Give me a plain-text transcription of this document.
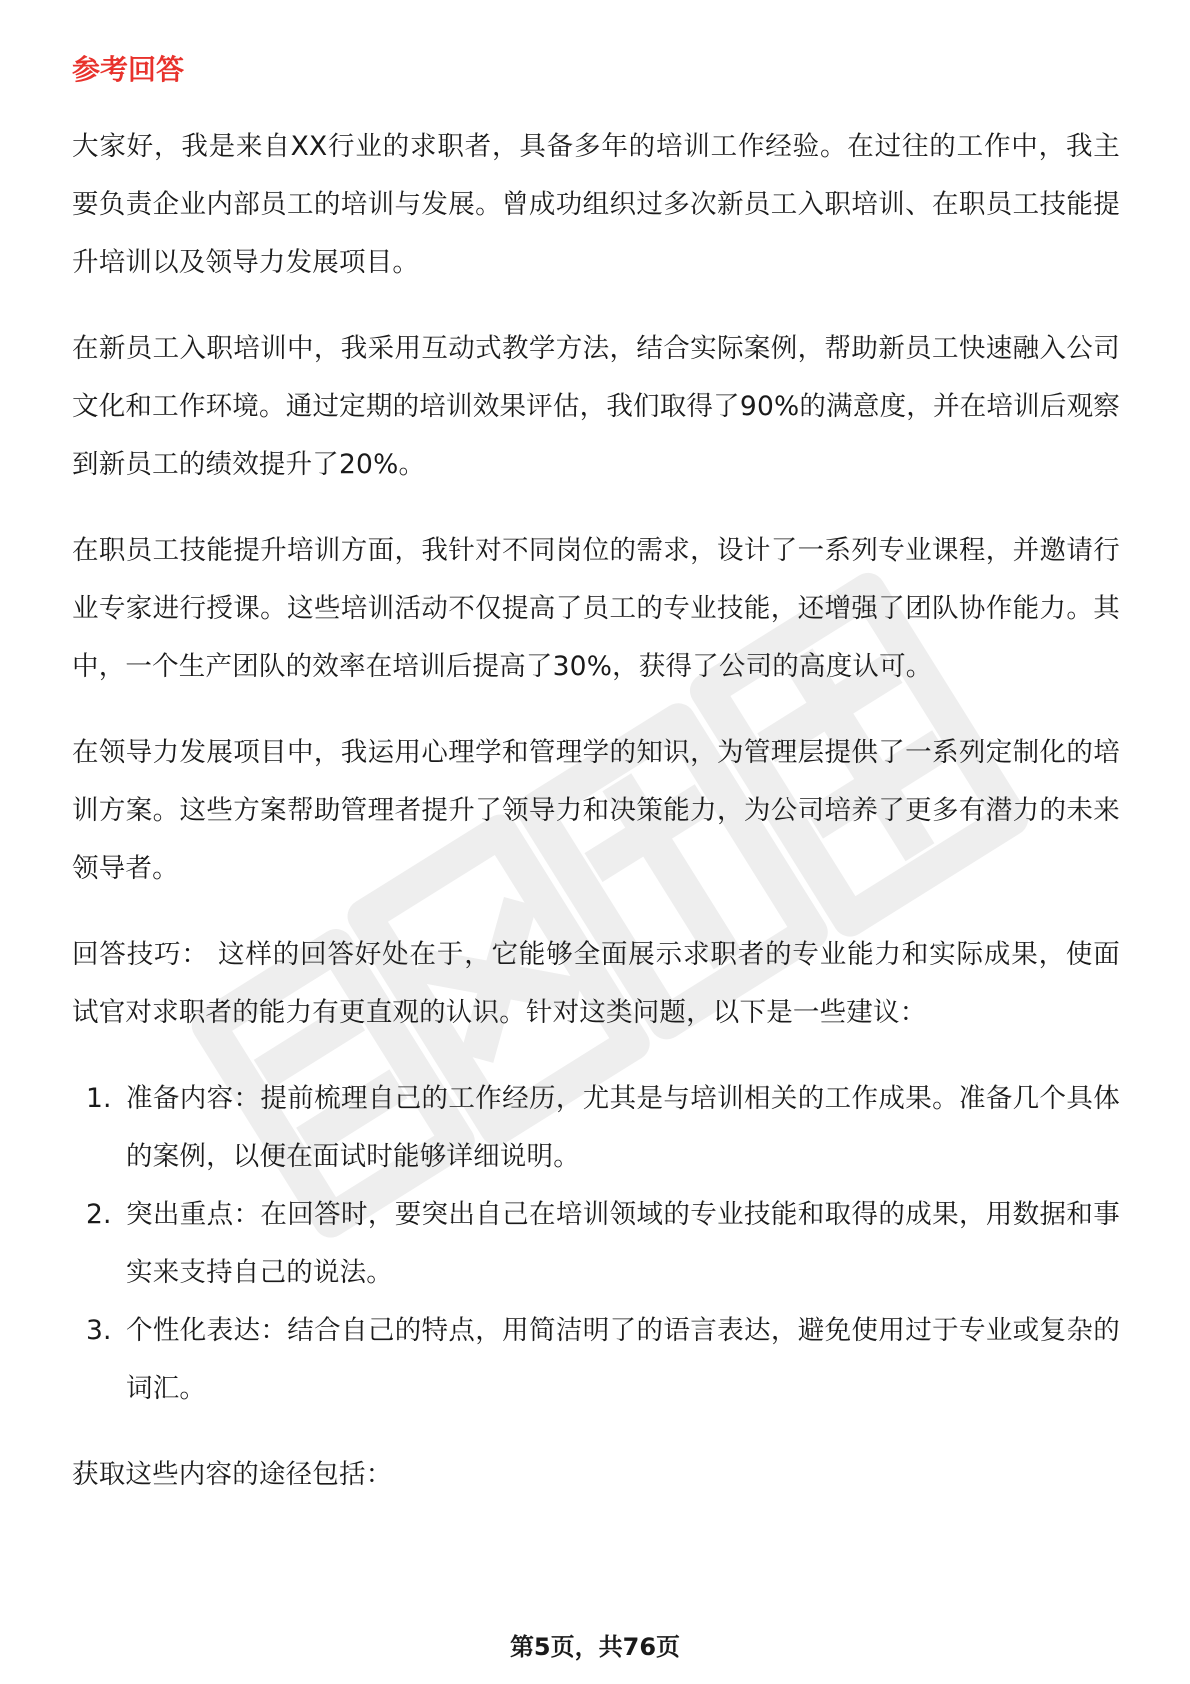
参考回答

大家好，我是来自XX行业的求职者，具备多年的培训工作经验。在过往的工作中，我主要负责企业内部员工的培训与发展。曾成功组织过多次新员工入职培训、在职员工技能提升培训以及领导力发展项目。

在新员工入职培训中，我采用互动式教学方法，结合实际案例，帮助新员工快速融入公司文化和工作环境。通过定期的培训效果评估，我们取得了90%的满意度，并在培训后观察到新员工的绩效提升了20%。

在职员工技能提升培训方面，我针对不同岗位的需求，设计了一系列专业课程，并邀请行业专家进行授课。这些培训活动不仅提高了员工的专业技能，还增强了团队协作能力。其中，一个生产团队的效率在培训后提高了30%，获得了公司的高度认可。

在领导力发展项目中，我运用心理学和管理学的知识，为管理层提供了一系列定制化的培训方案。这些方案帮助管理者提升了领导力和决策能力，为公司培养了更多有潜力的未来领导者。

回答技巧： 这样的回答好处在于，它能够全面展示求职者的专业能力和实际成果，使面试官对求职者的能力有更直观的认识。针对这类问题，以下是一些建议：

1. 准备内容：提前梳理自己的工作经历，尤其是与培训相关的工作成果。准备几个具体的案例，以便在面试时能够详细说明。
2. 突出重点：在回答时，要突出自己在培训领域的专业技能和取得的成果，用数据和事实来支持自己的说法。
3. 个性化表达：结合自己的特点，用简洁明了的语言表达，避免使用过于专业或复杂的词汇。

获取这些内容的途径包括：

第5页，共76页
